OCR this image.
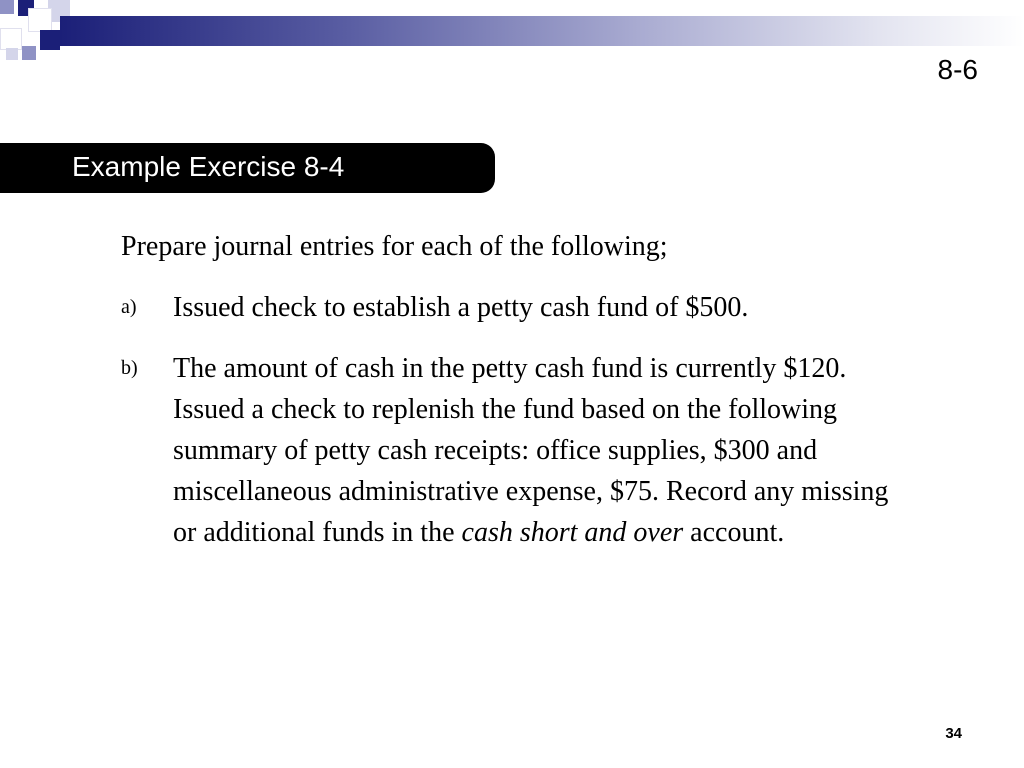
8-6
Example Exercise 8-4

Prepare journal entries for each of the following;

a)	Issued check to establish a petty cash fund of $500.
b)	The amount of cash in the petty cash fund is currently $120. Issued a check to replenish the fund based on the following summary of petty cash receipts: office supplies, $300 and miscellaneous administrative expense, $75. Record any missing or additional funds in the cash short and over account.
34
